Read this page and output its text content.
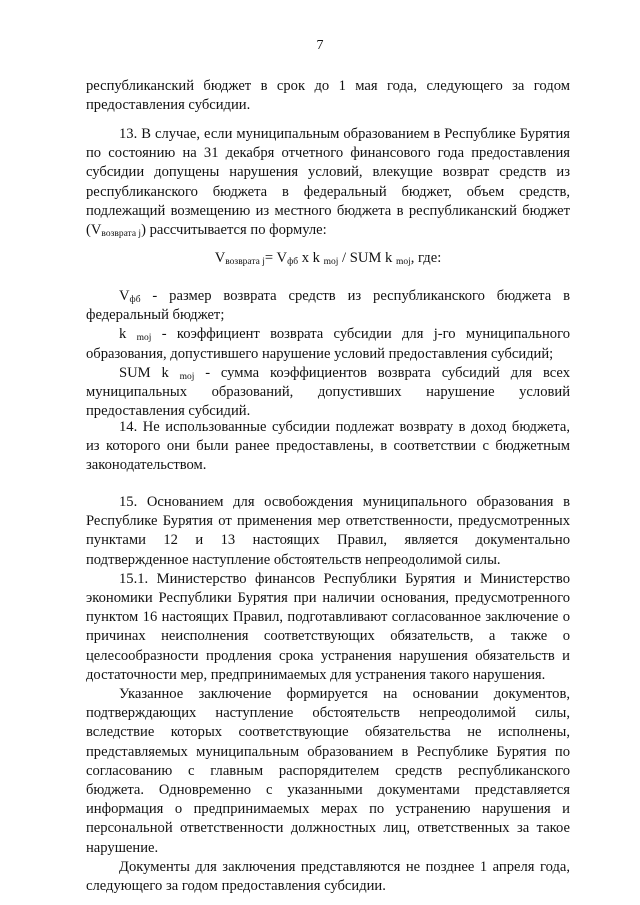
7

республиканский бюджет в срок до 1 мая года, следующего за годом предоставления субсидии.

13. В случае, если муниципальным образованием в Республике Бурятия по состоянию на 31 декабря отчетного финансового года предоставления субсидии допущены нарушения условий, влекущие возврат средств из республиканского бюджета в федеральный бюджет, объем средств, подлежащий возмещению из местного бюджета в республиканский бюджет $(V_{возврата j})$ рассчитывается по формуле:

$V_{возврата j}= V_{фб}$ х k $_{moj}$ / SUM k $_{moj}$, где:

$V_{фб}$ - размер возврата средств из республиканского бюджета в федеральный бюджет;

k $_{moj}$ - коэффициент возврата субсидии для j-го муниципального образования, допустившего нарушение условий предоставления субсидий;

SUM k $_{moj}$ - сумма коэффициентов возврата субсидий для всех муниципальных образований, допустивших нарушение условий предоставления субсидий.

14. Не использованные субсидии подлежат возврату в доход бюджета, из которого они были ранее предоставлены, в соответствии с бюджетным законодательством.

15. Основанием для освобождения муниципального образования в Республике Бурятия от применения мер ответственности, предусмотренных пунктами 12 и 13 настоящих Правил, является документально подтвержденное наступление обстоятельств непреодолимой силы.

15.1. Министерство финансов Республики Бурятия и Министерство экономики Республики Бурятия при наличии основания, предусмотренного пунктом 16 настоящих Правил, подготавливают согласованное заключение о причинах неисполнения соответствующих обязательств, а также о целесообразности продления срока устранения нарушения обязательств и достаточности мер, предпринимаемых для устранения такого нарушения.

Указанное заключение формируется на основании документов, подтверждающих наступление обстоятельств непреодолимой силы, вследствие которых соответствующие обязательства не исполнены, представляемых муниципальным образованием в Республике Бурятия по согласованию с главным распорядителем средств республиканского бюджета. Одновременно с указанными документами представляется информация о предпринимаемых мерах по устранению нарушения и персональной ответственности должностных лиц, ответственных за такое нарушение.

Документы для заключения представляются не позднее 1 апреля года, следующего за годом предоставления субсидии.
